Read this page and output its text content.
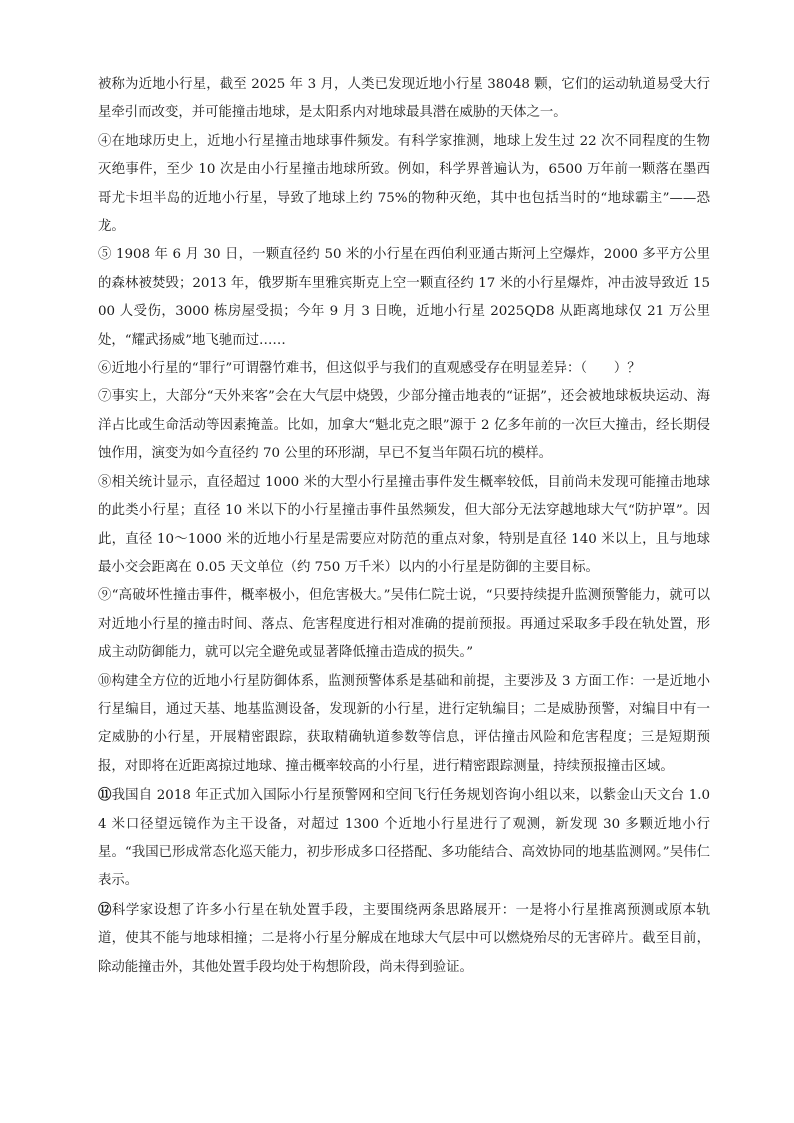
被称为近地小行星，截至 2025 年 3 月，人类已发现近地小行星 38048 颗，它们的运动轨道易受大行星牵引而改变，并可能撞击地球，是太阳系内对地球最具潜在威胁的天体之一。

④在地球历史上，近地小行星撞击地球事件频发。有科学家推测，地球上发生过 22 次不同程度的生物灭绝事件，至少 10 次是由小行星撞击地球所致。例如，科学界普遍认为，6500 万年前一颗落在墨西哥尤卡坦半岛的近地小行星，导致了地球上约 75%的物种灭绝，其中也包括当时的“地球霸主”——恐龙。

⑤ 1908 年 6 月 30 日，一颗直径约 50 米的小行星在西伯利亚通古斯河上空爆炸，2000 多平方公里的森林被焚毁；2013 年，俄罗斯车里雅宾斯克上空一颗直径约 17 米的小行星爆炸，冲击波导致近 1500 人受伤，3000 栋房屋受损；今年 9 月 3 日晚，近地小行星 2025QD8 从距离地球仅 21 万公里处，“耀武扬威”地飞驰而过……

⑥近地小行星的“罪行”可谓罄竹难书，但这似乎与我们的直观感受存在明显差异：（　　）？

⑦事实上，大部分“天外来客”会在大气层中烧毁，少部分撞击地表的“证据”，还会被地球板块运动、海洋占比或生命活动等因素掩盖。比如，加拿大“魁北克之眼”源于 2 亿多年前的一次巨大撞击，经长期侵蚀作用，演变为如今直径约 70 公里的环形湖，早已不复当年陨石坑的模样。

⑧相关统计显示，直径超过 1000 米的大型小行星撞击事件发生概率较低，目前尚未发现可能撞击地球的此类小行星；直径 10 米以下的小行星撞击事件虽然频发，但大部分无法穿越地球大气“防护罩”。因此，直径 10～1000 米的近地小行星是需要应对防范的重点对象，特别是直径 140 米以上，且与地球最小交会距离在 0.05 天文单位（约 750 万千米）以内的小行星是防御的主要目标。

⑨“高破坏性撞击事件，概率极小，但危害极大。”吴伟仁院士说，“只要持续提升监测预警能力，就可以对近地小行星的撞击时间、落点、危害程度进行相对准确的提前预报。再通过采取多手段在轨处置，形成主动防御能力，就可以完全避免或显著降低撞击造成的损失。”

⑩构建全方位的近地小行星防御体系，监测预警体系是基础和前提，主要涉及 3 方面工作：一是近地小行星编目，通过天基、地基监测设备，发现新的小行星，进行定轨编目；二是威胁预警，对编目中有一定威胁的小行星，开展精密跟踪，获取精确轨道参数等信息，评估撞击风险和危害程度；三是短期预报，对即将在近距离掠过地球、撞击概率较高的小行星，进行精密跟踪测量，持续预报撞击区域。

⑪我国自 2018 年正式加入国际小行星预警网和空间飞行任务规划咨询小组以来，以紫金山天文台 1.04 米口径望远镜作为主干设备，对超过 1300 个近地小行星进行了观测，新发现 30 多颗近地小行星。“我国已形成常态化巡天能力，初步形成多口径搭配、多功能结合、高效协同的地基监测网。”吴伟仁表示。

⑫科学家设想了许多小行星在轨处置手段，主要围绕两条思路展开：一是将小行星推离预测或原本轨道，使其不能与地球相撞；二是将小行星分解成在地球大气层中可以燃烧殆尽的无害碎片。截至目前，除动能撞击外，其他处置手段均处于构想阶段，尚未得到验证。
